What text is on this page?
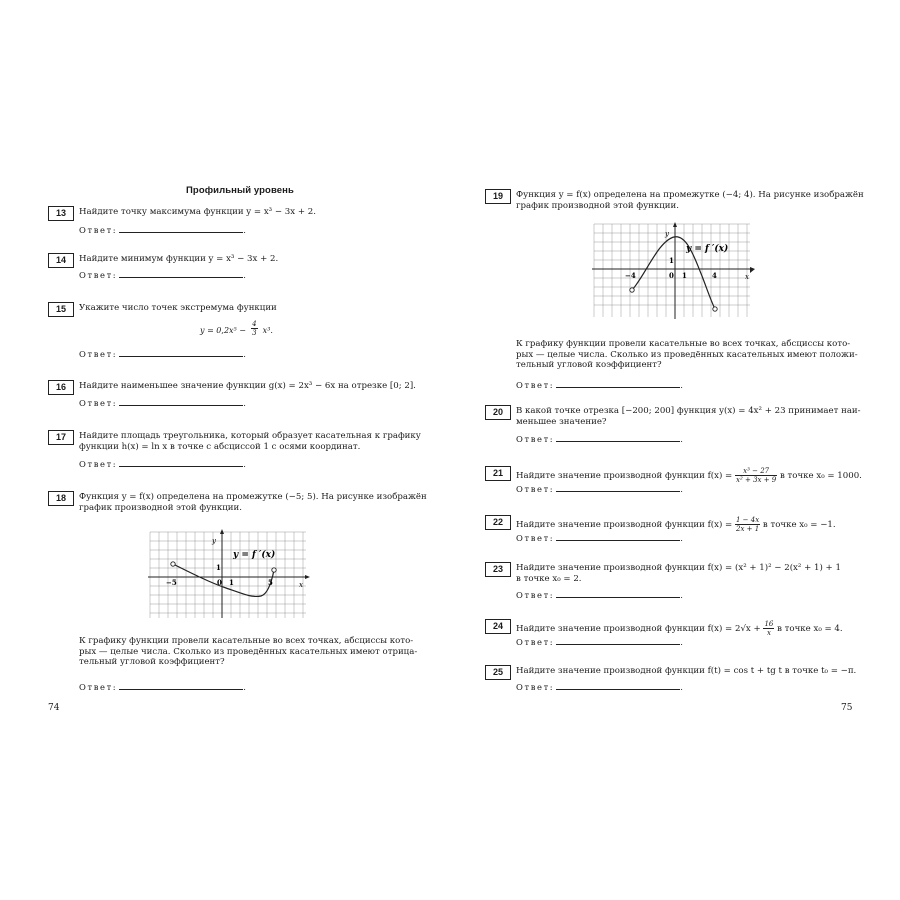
Профильный уровень
13	Найдите точку максимума функции y = x³ − 3x + 2.
Ответ:	.
14	Найдите минимум функции y = x³ − 3x + 2.
Ответ:	.
15	Укажите число точек экстремума функции
$y = 0,2x^5 - \frac{4}{3} x^3$.
Ответ:	.
16	Найдите наименьшее значение функции g(x) = 2x³ − 6x на отрезке [0; 2].
Ответ:	.
17	Найдите площадь треугольника, который образует касательная к графику
функции h(x) = ln x в точке с абсциссой 1 с осями координат.
Ответ:	.
18	Функция y = f(x) определена на промежутке (−5; 5). На рисунке изображён
график производной этой функции.
К графику функции провели касательные во всех точках, абсциссы кото-
рых — целые числа. Сколько из проведённых касательных имеют отрица-
тельный угловой коэффициент?
Ответ:	.
y = f ′(x)
y
x
−5	0 1	5
1
74
19	Функция y = f(x) определена на промежутке (−4; 4). На рисунке изображён
график производной этой функции.
К графику функции провели касательные во всех точках, абсциссы кото-
рых — целые числа. Сколько из проведённых касательных имеют положи-
тельный угловой коэффициент?
Ответ:	.
y = f ′(x)
y
x
−4	0 1	4
1
20	В какой точке отрезка [−200; 200] функция y(x) = 4x² + 23 принимает наи-
меньшее значение?
Ответ:	.
21	Найдите значение производной функции $f(x) = \frac{\text{x³ − 27}}{\text{x² + 3x + 9}}$ в точке x₀ = 1000.
Ответ:	.
22	Найдите значение производной функции $f(x) = \frac{1 - 4x}{2x + 1}$ в точке x₀ = −1.
Ответ:	.
23	Найдите значение производной функции f(x) = (x² + 1)² − 2(x² + 1) + 1
в точке x₀ = 2.
Ответ:	.
24	Найдите значение производной функции $f(x) = 2√x + \frac{16}{x}$ в точке x₀ = 4.
Ответ:	.
25	Найдите значение производной функции f(t) = cos t + tg t в точке t₀ = −π.
Ответ:	.
75
